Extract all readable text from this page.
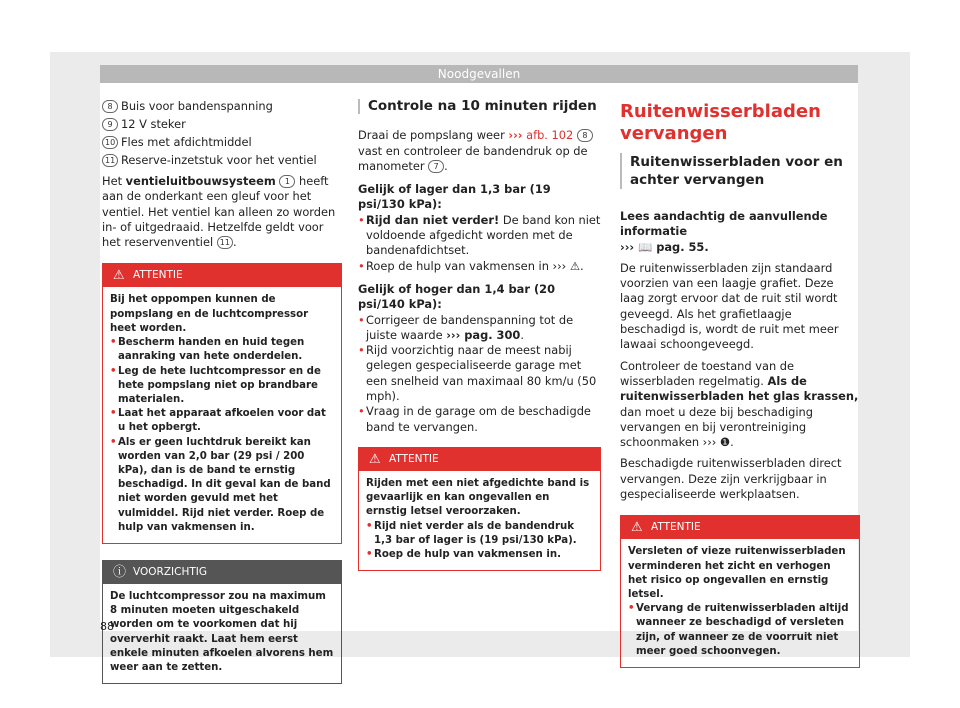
Noodgevallen
8 Buis voor bandenspanning
9 12 V steker
10 Fles met afdichtmiddel
11 Reserve-inzetstuk voor het ventiel

Het ventieluitbouwsysteem 1 heeft aan de onderkant een gleuf voor het ventiel. Het ventiel kan alleen zo worden in- of uitgedraaid. Hetzelfde geldt voor het reservenventiel 11 .

⚠ ATTENTIE

Bij het oppompen kunnen de pompslang en de luchtcompressor heet worden.

• Bescherm handen en huid tegen aanraking van hete onderdelen.
• Leg de hete luchtcompressor en de hete pompslang niet op brandbare materialen.
• Laat het apparaat afkoelen voor dat u het opbergt.
• Als er geen luchtdruk bereikt kan worden van 2,0 bar (29 psi / 200 kPa), dan is de band te ernstig beschadigd. In dit geval kan de band niet worden gevuld met het vulmiddel. Rijd niet verder. Roep de hulp van vakmensen in.
ⓘ VOORZICHTIG

De luchtcompressor zou na maximum 8 minuten moeten uitgeschakeld worden om te voorkomen dat hij oververhit raakt. Laat hem eerst enkele minuten afkoelen alvorens hem weer aan te zetten.

Controle na 10 minuten rijden

Draai de pompslang weer ››› afb. 102 8 vast en controleer de bandendruk op de manometer 7 .

Gelijk of lager dan 1,3 bar (19 psi/130 kPa):

• Rijd dan niet verder! De band kon niet voldoende afgedicht worden met de bandenafdichtset.
• Roep de hulp van vakmensen in ››› ⚠.

Gelijk of hoger dan 1,4 bar (20 psi/140 kPa):

• Corrigeer de bandenspanning tot de juiste waarde ››› pag. 300.
• Rijd voorzichtig naar de meest nabij gelegen gespecialiseerde garage met een snelheid van maximaal 80 km/u (50 mph).
• Vraag in de garage om de beschadigde band te vervangen.
⚠ ATTENTIE

Rijden met een niet afgedichte band is gevaarlijk en kan ongevallen en ernstig letsel veroorzaken.

• Rijd niet verder als de bandendruk 1,3 bar of lager is (19 psi/130 kPa).
• Roep de hulp van vakmensen in.
Ruitenwisserbladen vervangen
Ruitenwisserbladen voor en achter vervangen

Lees aandachtig de aanvullende informatie
››› 📖 pag. 55.

De ruitenwisserbladen zijn standaard voorzien van een laagje grafiet. Deze laag zorgt ervoor dat de ruit stil wordt geveegd. Als het grafietlaagje beschadigd is, wordt de ruit met meer lawaai schoongeveegd.

Controleer de toestand van de wisserbladen regelmatig. Als de ruitenwisserbladen het glas krassen, dan moet u deze bij beschadiging vervangen en bij verontreiniging schoonmaken ››› ❶.

Beschadigde ruitenwisserbladen direct vervangen. Deze zijn verkrijgbaar in gespecialiseerde werkplaatsen.

⚠ ATTENTIE

Versleten of vieze ruitenwisserbladen verminderen het zicht en verhogen het risico op ongevallen en ernstig letsel.

• Vervang de ruitenwisserbladen altijd wanneer ze beschadigd of versleten zijn, of wanneer ze de voorruit niet meer goed schoonvegen.
88
